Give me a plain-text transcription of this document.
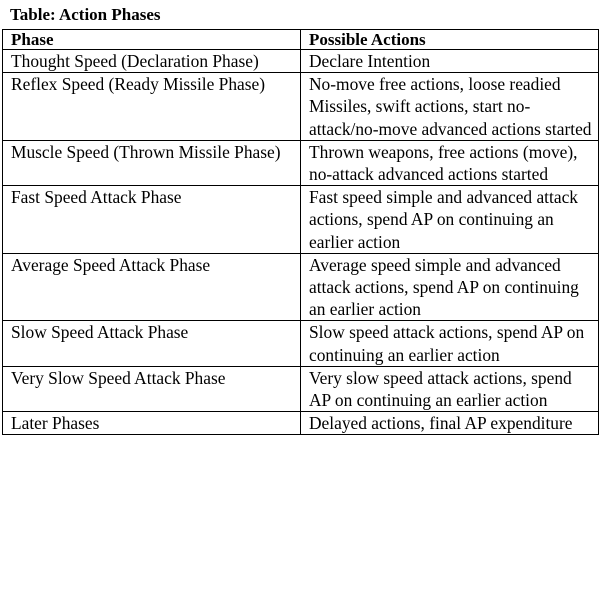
Table: Action Phases
Phase	Possible Actions
Thought Speed (Declaration Phase)	Declare Intention
Reflex Speed (Ready Missile Phase)	No-move free actions, loose readied Missiles, swift actions, start no-attack/no-move advanced actions started
Muscle Speed (Thrown Missile Phase)	Thrown weapons, free actions (move), no-attack advanced actions started
Fast Speed Attack Phase	Fast speed simple and advanced attack actions, spend AP on continuing an earlier action
Average Speed Attack Phase	Average speed simple and advanced attack actions, spend AP on continuing an earlier action
Slow Speed Attack Phase	Slow speed attack actions, spend AP on continuing an earlier action
Very Slow Speed Attack Phase	Very slow speed attack actions, spend AP on continuing an earlier action
Later Phases	Delayed actions, final AP expenditure
